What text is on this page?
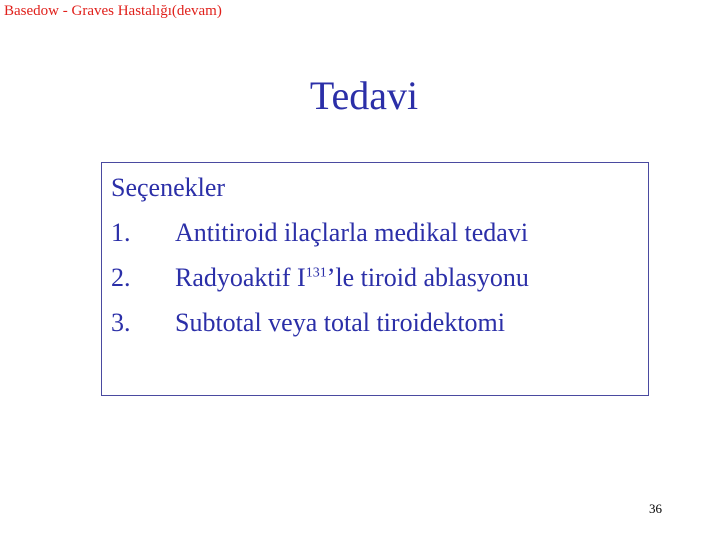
Basedow - Graves Hastalığı(devam)
Tedavi
Seçenekler
1. Antitiroid ilaçlarla medikal tedavi
2. Radyoaktif $I^{131}’le$ tiroid ablasyonu
3. Subtotal veya total tiroidektomi
36
